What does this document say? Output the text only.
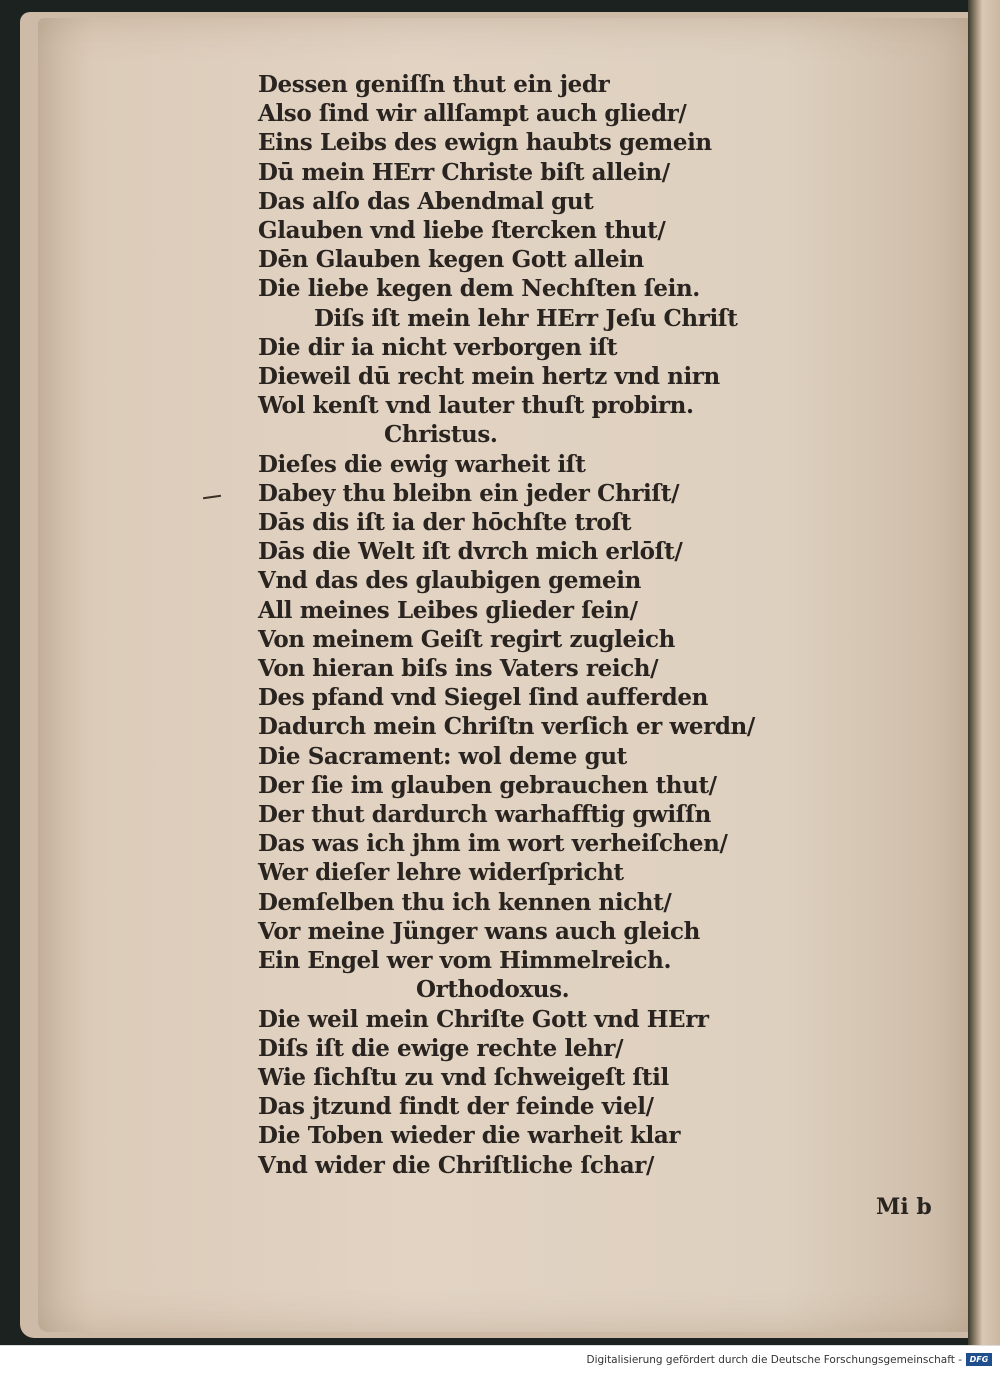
Dessen geniſſn thut ein jedr
Also ſind wir allſampt auch gliedr/
Eins Leibs des ewign haubts gemein
Dū mein HErr Christe biſt allein/
Das alſo das Abendmal gut
Glauben vnd liebe ſtercken thut/
Dēn Glauben kegen Gott allein
Die liebe kegen dem Nechſten ſein.
Diſs iſt mein lehr HErr Jeſu Chriſt
Die dir ia nicht verborgen iſt
Dieweil dū recht mein hertz vnd nirn
Wol kenſt vnd lauter thuſt probirn.
Christus.
Dieſes die ewig warheit iſt
Dabey thu bleibn ein jeder Chriſt/
Dās dis iſt ia der hōchſte troſt
Dās die Welt iſt dvrch mich erlōſt/
Vnd das des glaubigen gemein
All meines Leibes glieder ſein/
Von meinem Geiſt regirt zugleich
Von hieran biſs ins Vaters reich/
Des pfand vnd Siegel ſind aufferden
Dadurch mein Chriſtn verſich er werdn/
Die Sacrament: wol deme gut
Der ſie im glauben gebrauchen thut/
Der thut dardurch warhafftig gwiſſn
Das was ich jhm im wort verheiſchen/
Wer dieſer lehre widerſpricht
Demſelben thu ich kennen nicht/
Vor meine Jünger wans auch gleich
Ein Engel wer vom Himmelreich.
Orthodoxus.
Die weil mein Chriſte Gott vnd HErr
Diſs iſt die ewige rechte lehr/
Wie ſichſtu zu vnd ſchweigeſt ſtil
Das jtzund findt der feinde viel/
Die Toben wieder die warheit klar
Vnd wider die Chriſtliche ſchar/
Mi b
Digitalisierung gefördert durch die Deutsche Forschungsgemeinschaft - DFG
